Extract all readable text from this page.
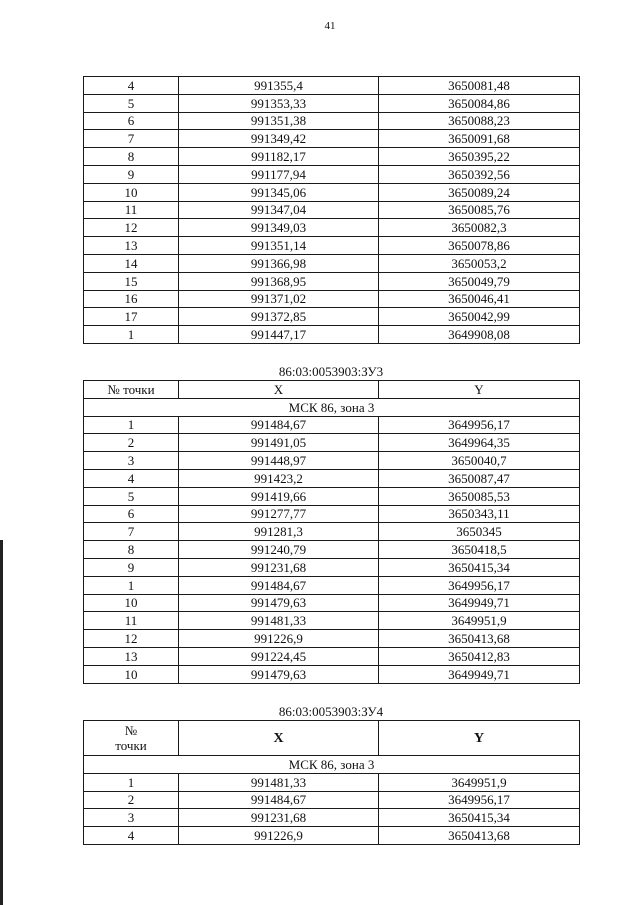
41
4	991355,4	3650081,48
5	991353,33	3650084,86
6	991351,38	3650088,23
7	991349,42	3650091,68
8	991182,17	3650395,22
9	991177,94	3650392,56
10	991345,06	3650089,24
11	991347,04	3650085,76
12	991349,03	3650082,3
13	991351,14	3650078,86
14	991366,98	3650053,2
15	991368,95	3650049,79
16	991371,02	3650046,41
17	991372,85	3650042,99
1	991447,17	3649908,08
86:03:0053903:ЗУ3
№ точки	X	Y
МСК 86, зона 3		
1	991484,67	3649956,17
2	991491,05	3649964,35
3	991448,97	3650040,7
4	991423,2	3650087,47
5	991419,66	3650085,53
6	991277,77	3650343,11
7	991281,3	3650345
8	991240,79	3650418,5
9	991231,68	3650415,34
1	991484,67	3649956,17
10	991479,63	3649949,71
11	991481,33	3649951,9
12	991226,9	3650413,68
13	991224,45	3650412,83
10	991479,63	3649949,71
86:03:0053903:ЗУ4
№
точки	X	Y
МСК 86, зона 3		
1	991481,33	3649951,9
2	991484,67	3649956,17
3	991231,68	3650415,34
4	991226,9	3650413,68
